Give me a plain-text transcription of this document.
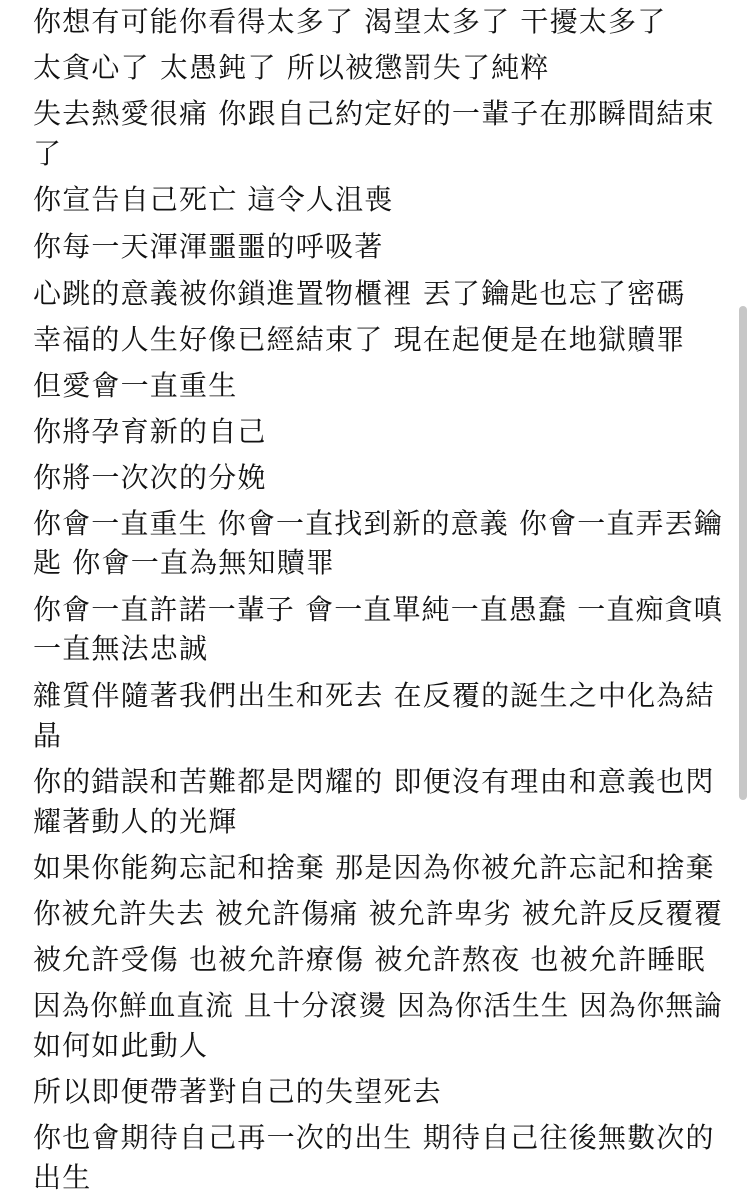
你想有可能你看得太多了 渴望太多了 干擾太多了
太貪心了 太愚鈍了 所以被懲罰失了純粹
失去熱愛很痛 你跟自己約定好的一輩子在那瞬間結束
了
你宣告自己死亡 這令人沮喪
你每一天渾渾噩噩的呼吸著
心跳的意義被你鎖進置物櫃裡 丟了鑰匙也忘了密碼
幸福的人生好像已經結束了 現在起便是在地獄贖罪
但愛會一直重生
你將孕育新的自己
你將一次次的分娩
你會一直重生 你會一直找到新的意義 你會一直弄丟鑰
匙 你會一直為無知贖罪
你會一直許諾一輩子 會一直單純一直愚蠢 一直痴貪嗔
一直無法忠誠
雜質伴隨著我們出生和死去 在反覆的誕生之中化為結
晶
你的錯誤和苦難都是閃耀的 即便沒有理由和意義也閃
耀著動人的光輝
如果你能夠忘記和捨棄 那是因為你被允許忘記和捨棄
你被允許失去 被允許傷痛 被允許卑劣 被允許反反覆覆
被允許受傷 也被允許療傷 被允許熬夜 也被允許睡眠
因為你鮮血直流 且十分滾燙 因為你活生生 因為你無論
如何如此動人
所以即便帶著對自己的失望死去
你也會期待自己再一次的出生 期待自己往後無數次的
出生
